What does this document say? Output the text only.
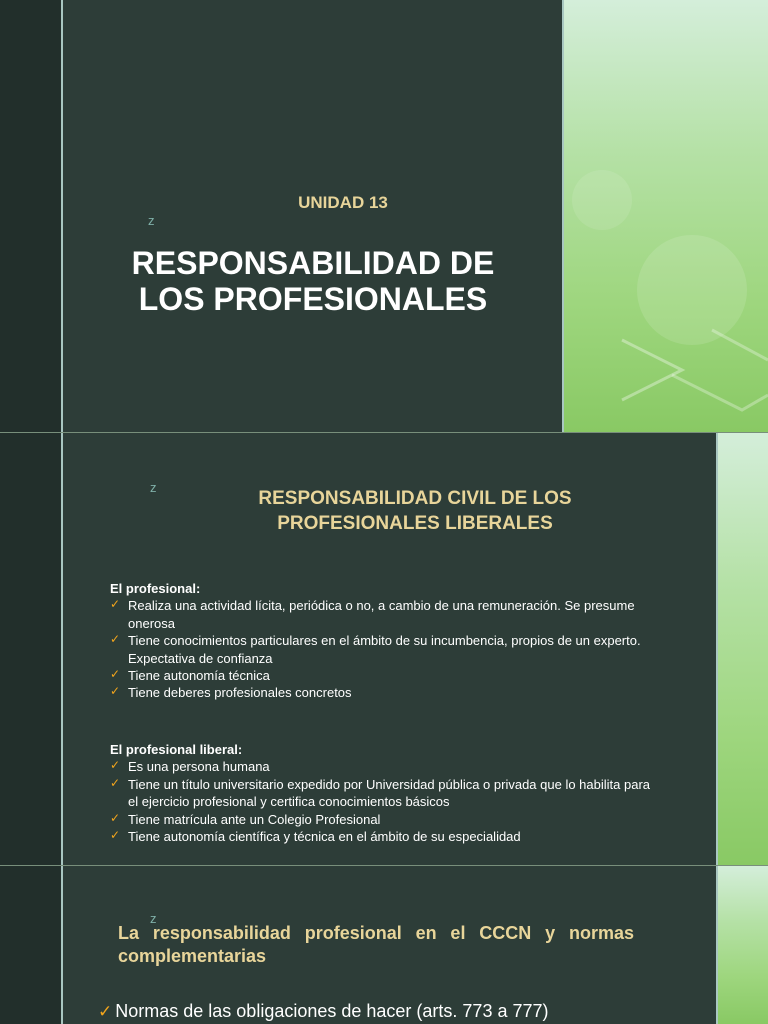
z
UNIDAD 13
RESPONSABILIDAD DE
LOS PROFESIONALES
z
RESPONSABILIDAD CIVIL DE LOS
PROFESIONALES LIBERALES
El profesional:
✓ Realiza una actividad lícita, periódica o no, a cambio de una remuneración. Se presume onerosa
✓ Tiene conocimientos particulares en el ámbito de su incumbencia, propios de un experto. Expectativa de confianza
✓ Tiene autonomía técnica
✓ Tiene deberes profesionales concretos
El profesional liberal:
✓ Es una persona humana
✓ Tiene un título universitario expedido por Universidad pública o privada que lo habilita para el ejercicio profesional y certifica conocimientos básicos
✓ Tiene matrícula ante un Colegio Profesional
✓ Tiene autonomía científica y técnica en el ámbito de su especialidad
z
La responsabilidad profesional en el CCCN y normas complementarias
✓ Normas de las obligaciones de hacer (arts. 773 a 777)
